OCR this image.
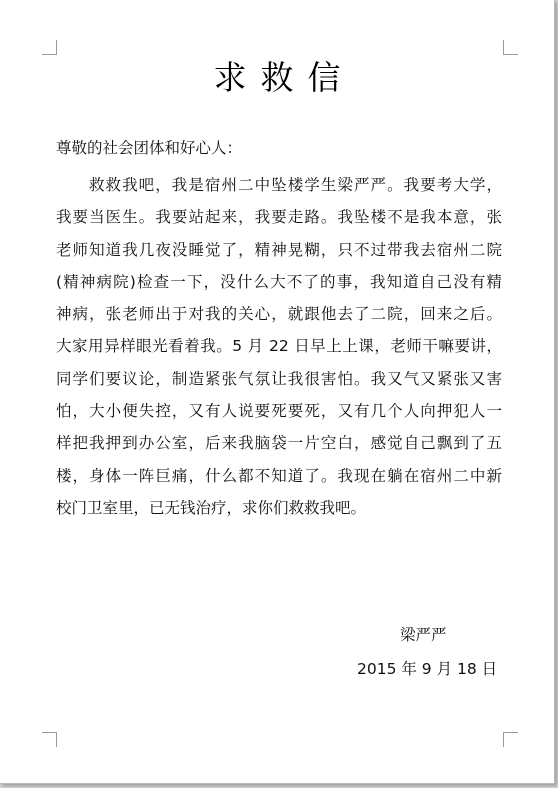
求救信
尊敬的社会团体和好心人：
救救我吧，我是宿州二中坠楼学生梁严严。我要考大学，
我要当医生。我要站起来，我要走路。我坠楼不是我本意，张
老师知道我几夜没睡觉了，精神晃糊，只不过带我去宿州二院
(精神病院)检查一下，没什么大不了的事，我知道自己没有精
神病，张老师出于对我的关心，就跟他去了二院，回来之后。
大家用异样眼光看着我。5 月 22 日早上上课，老师干嘛要讲，
同学们要议论，制造紧张气氛让我很害怕。我又气又紧张又害
怕，大小便失控，又有人说要死要死，又有几个人向押犯人一
样把我押到办公室，后来我脑袋一片空白，感觉自己飘到了五
楼，身体一阵巨痛，什么都不知道了。我现在躺在宿州二中新
校门卫室里，已无钱治疗，求你们救救我吧。
梁严严
2015 年 9 月 18 日
